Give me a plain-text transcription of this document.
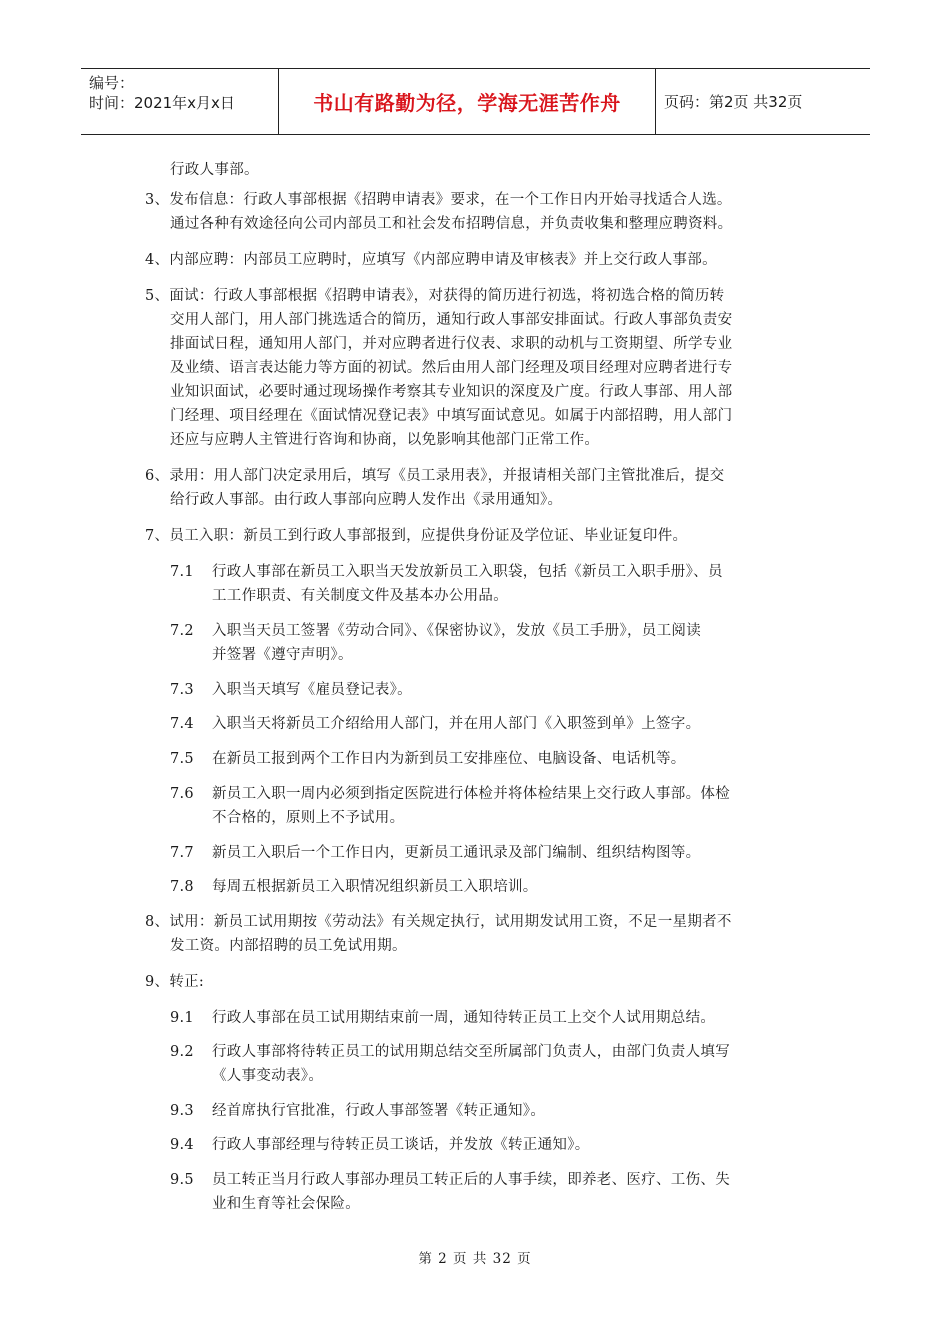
编号：
时间：2021年x月x日	书山有路勤为径，学海无涯苦作舟	页码：第2页 共32页
行政人事部。
3、发布信息：行政人事部根据《招聘申请表》要求，在一个工作日内开始寻找适合人选。
通过各种有效途径向公司内部员工和社会发布招聘信息，并负责收集和整理应聘资料。
4、内部应聘：内部员工应聘时，应填写《内部应聘申请及审核表》并上交行政人事部。
5、面试：行政人事部根据《招聘申请表》，对获得的简历进行初选，将初选合格的简历转
交用人部门，用人部门挑选适合的简历，通知行政人事部安排面试。行政人事部负责安
排面试日程，通知用人部门，并对应聘者进行仪表、求职的动机与工资期望、所学专业
及业绩、语言表达能力等方面的初试。然后由用人部门经理及项目经理对应聘者进行专
业知识面试，必要时通过现场操作考察其专业知识的深度及广度。行政人事部、用人部
门经理、项目经理在《面试情况登记表》中填写面试意见。如属于内部招聘，用人部门
还应与应聘人主管进行咨询和协商，以免影响其他部门正常工作。
6、录用：用人部门决定录用后，填写《员工录用表》，并报请相关部门主管批准后，提交
给行政人事部。由行政人事部向应聘人发作出《录用通知》。
7、员工入职：新员工到行政人事部报到，应提供身份证及学位证、毕业证复印件。
7.1 行政人事部在新员工入职当天发放新员工入职袋，包括《新员工入职手册》、员
工工作职责、有关制度文件及基本办公用品。
7.2 入职当天员工签署《劳动合同》、《保密协议》，发放《员工手册》，员工阅读
并签署《遵守声明》。
7.3 入职当天填写《雇员登记表》。
7.4 入职当天将新员工介绍给用人部门，并在用人部门《入职签到单》上签字。
7.5 在新员工报到两个工作日内为新到员工安排座位、电脑设备、电话机等。
7.6 新员工入职一周内必须到指定医院进行体检并将体检结果上交行政人事部。体检
不合格的，原则上不予试用。
7.7 新员工入职后一个工作日内，更新员工通讯录及部门编制、组织结构图等。
7.8 每周五根据新员工入职情况组织新员工入职培训。
8、试用：新员工试用期按《劳动法》有关规定执行，试用期发试用工资，不足一星期者不
发工资。内部招聘的员工免试用期。
9、转正:
9.1 行政人事部在员工试用期结束前一周，通知待转正员工上交个人试用期总结。
9.2 行政人事部将待转正员工的试用期总结交至所属部门负责人，由部门负责人填写
《人事变动表》。
9.3 经首席执行官批准，行政人事部签署《转正通知》。
9.4 行政人事部经理与待转正员工谈话，并发放《转正通知》。
9.5 员工转正当月行政人事部办理员工转正后的人事手续，即养老、医疗、工伤、失
业和生育等社会保险。
第 2 页 共 32 页
